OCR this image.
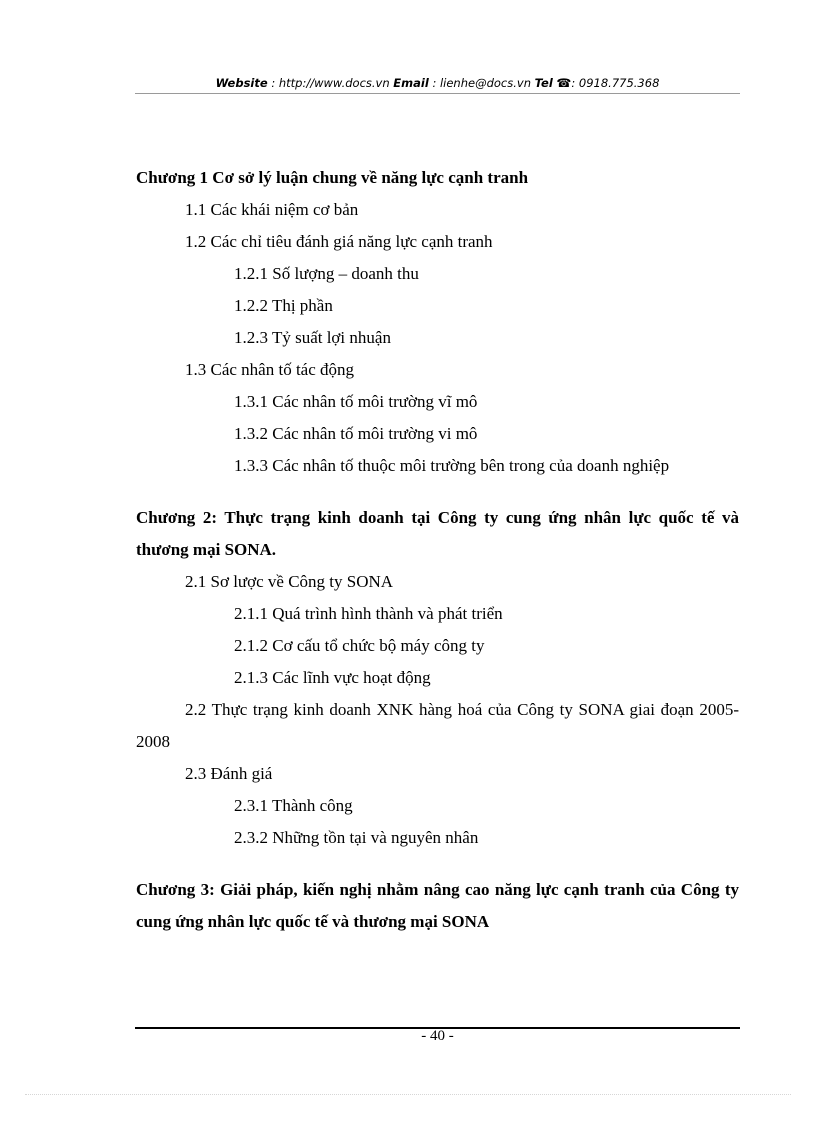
Website : http://www.docs.vn Email : lienhe@docs.vn Tel ☎: 0918.775.368
Chương 1 Cơ sở lý luận chung về năng lực cạnh tranh
1.1 Các khái niệm cơ bản
1.2 Các chỉ tiêu đánh giá năng lực cạnh tranh
1.2.1 Số lượng – doanh thu
1.2.2 Thị phần
1.2.3 Tỷ suất lợi nhuận
1.3 Các nhân tố tác động
1.3.1 Các nhân tố môi trường vĩ mô
1.3.2 Các nhân tố môi trường vi mô
1.3.3 Các nhân tố thuộc môi trường bên trong của doanh nghiệp
Chương 2: Thực trạng kinh doanh tại Công ty cung ứng nhân lực quốc tế và thương mại SONA.
2.1 Sơ lược về Công ty SONA
2.1.1 Quá trình hình thành và phát triển
2.1.2 Cơ cấu tổ chức bộ máy công ty
2.1.3 Các lĩnh vực hoạt động
2.2 Thực trạng kinh doanh XNK hàng hoá của Công ty SONA giai đoạn 2005-2008
2.3 Đánh giá
2.3.1 Thành công
2.3.2 Những tồn tại và nguyên nhân
Chương 3: Giải pháp, kiến nghị nhằm nâng cao năng lực cạnh tranh của Công ty cung ứng nhân lực quốc tế và thương mại SONA
- 40 -
